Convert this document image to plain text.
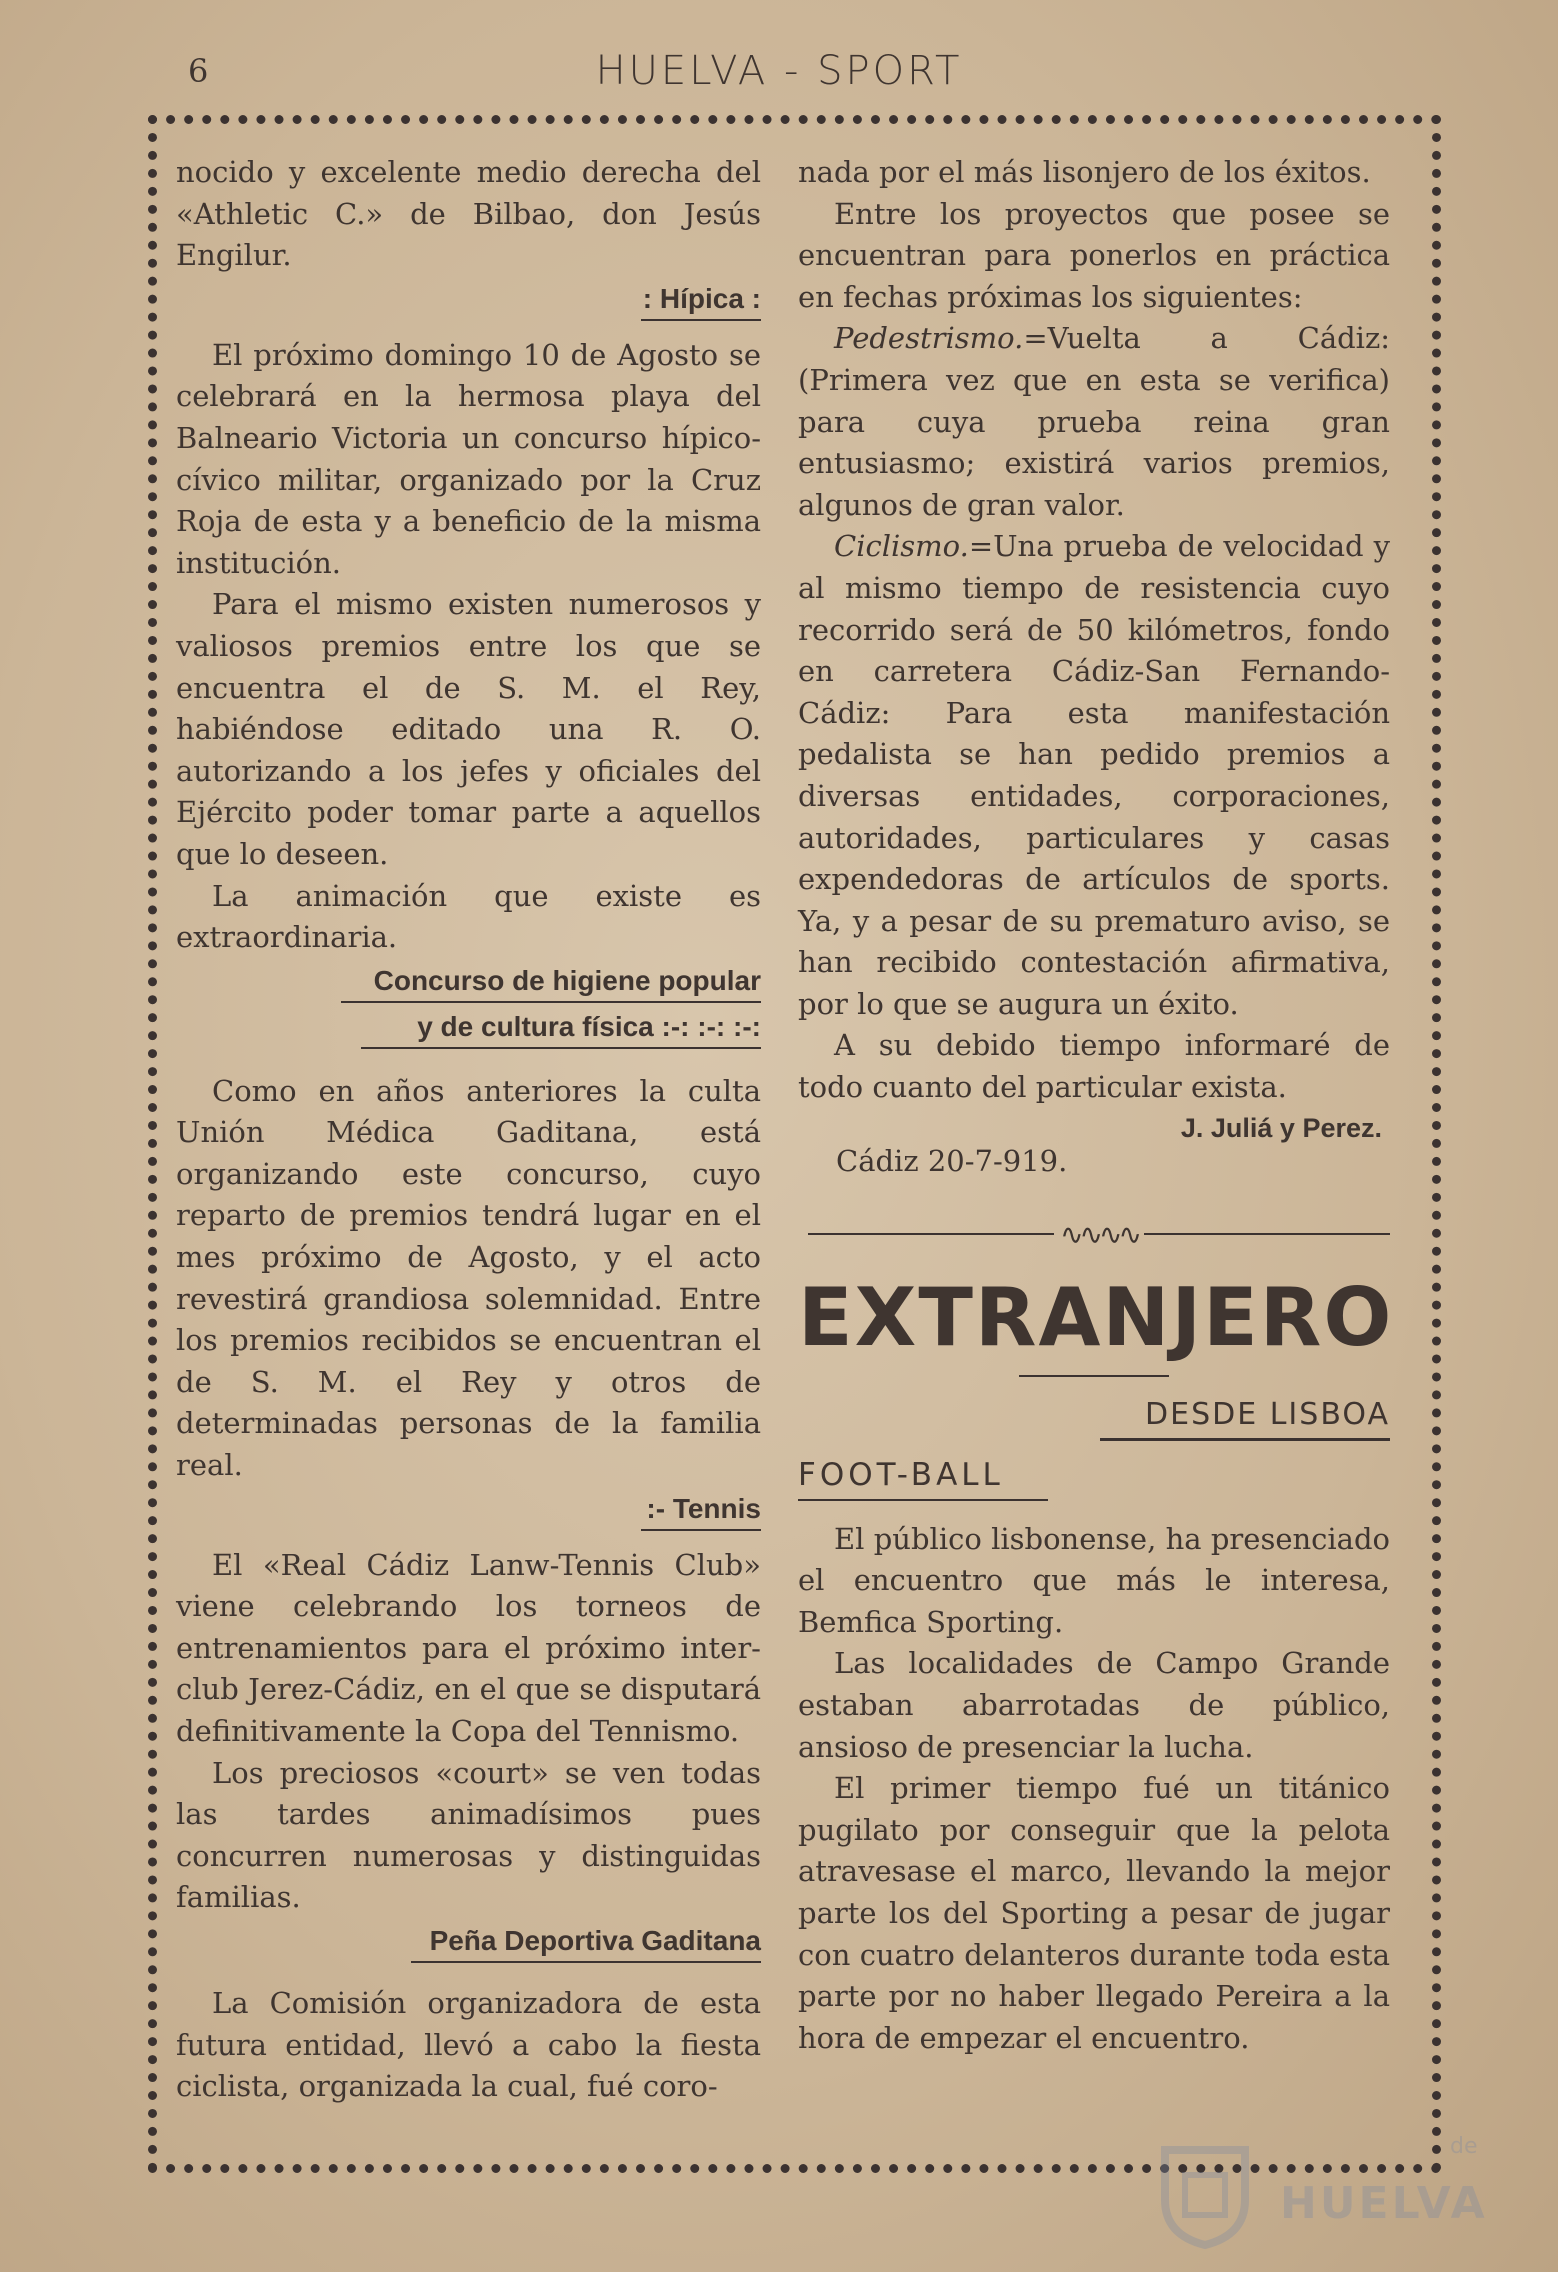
6	HUELVA - SPORT

nocido y excelente medio derecha del «Athletic C.» de Bilbao, don Jesús Engilur.

: Hípica :

El próximo domingo 10 de Agosto se celebrará en la hermosa playa del Balneario Victoria un concurso hípico-cívico militar, organizado por la Cruz Roja de esta y a beneficio de la misma institución.

Para el mismo existen numerosos y valiosos premios entre los que se encuentra el de S. M. el Rey, habiéndose editado una R. O. autorizando a los jefes y oficiales del Ejército poder tomar parte a aquellos que lo deseen.

La animación que existe es extraordinaria.

Concurso de higiene popular
y de cultura física :-: :-: :-:

Como en años anteriores la culta Unión Médica Gaditana, está organizando este concurso, cuyo reparto de premios tendrá lugar en el mes próximo de Agosto, y el acto revestirá grandiosa solemnidad. Entre los premios recibidos se encuentran el de S. M. el Rey y otros de determinadas personas de la familia real.

:- Tennis

El «Real Cádiz Lanw-Tennis Club» viene celebrando los torneos de entrenamientos para el próximo inter-club Jerez-Cádiz, en el que se disputará definitivamente la Copa del Tennismo.

Los preciosos «court» se ven todas las tardes animadísimos pues concurren numerosas y distinguidas familias.

Peña Deportiva Gaditana

La Comisión organizadora de esta futura entidad, llevó a cabo la fiesta ciclista, organizada la cual, fué coro-

nada por el más lisonjero de los éxitos.

Entre los proyectos que posee se encuentran para ponerlos en práctica en fechas próximas los siguientes:

Pedestrismo.=Vuelta a Cádiz: (Primera vez que en esta se verifica) para cuya prueba reina gran entusiasmo; existirá varios premios, algunos de gran valor.

Ciclismo.=Una prueba de velocidad y al mismo tiempo de resistencia cuyo recorrido será de 50 kilómetros, fondo en carretera Cádiz-San Fernando-Cádiz: Para esta manifestación pedalista se han pedido premios a diversas entidades, corporaciones, autoridades, particulares y casas expendedoras de artículos de sports. Ya, y a pesar de su prematuro aviso, se han recibido contestación afirmativa, por lo que se augura un éxito.

A su debido tiempo informaré de todo cuanto del particular exista.

J. Juliá y Perez.
Cádiz 20-7-919.
∿∿∿∿
EXTRANJERO
DESDE LISBOA
FOOT-BALL

El público lisbonense, ha presenciado el encuentro que más le interesa, Bemfica Sporting.

Las localidades de Campo Grande estaban abarrotadas de público, ansioso de presenciar la lucha.

El primer tiempo fué un titánico pugilato por conseguir que la pelota atravesase el marco, llevando la mejor parte los del Sporting a pesar de jugar con cuatro delanteros durante toda esta parte por no haber llegado Pereira a la hora de empezar el encuentro.

de
HUELVA
